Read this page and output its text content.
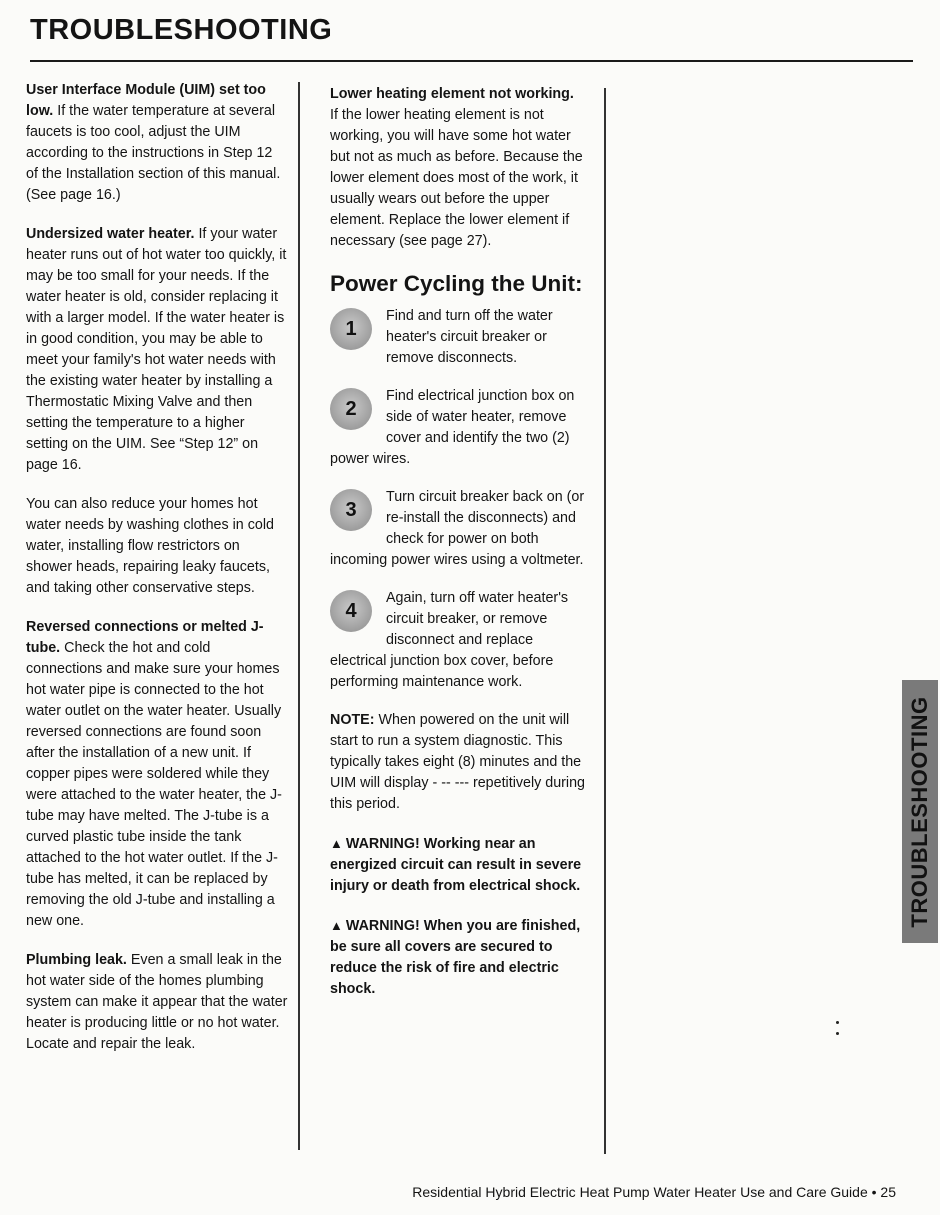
TROUBLESHOOTING

User Interface Module (UIM) set too low. If the water temperature at several faucets is too cool, adjust the UIM according to the instructions in Step 12 of the Installation section of this manual. (See page 16.)

Undersized water heater. If your water heater runs out of hot water too quickly, it may be too small for your needs. If the water heater is old, consider replacing it with a larger model. If the water heater is in good condition, you may be able to meet your family's hot water needs with the existing water heater by installing a Thermostatic Mixing Valve and then setting the temperature to a higher setting on the UIM. See “Step 12” on page 16.

You can also reduce your homes hot water needs by washing clothes in cold water, installing flow restrictors on shower heads, repairing leaky faucets, and taking other conservative steps.

Reversed connections or melted J-tube. Check the hot and cold connections and make sure your homes hot water pipe is connected to the hot water outlet on the water heater. Usually reversed connections are found soon after the installation of a new unit. If copper pipes were soldered while they were attached to the water heater, the J-tube may have melted. The J-tube is a curved plastic tube inside the tank attached to the hot water outlet. If the J-tube has melted, it can be replaced by removing the old J-tube and installing a new one.

Plumbing leak. Even a small leak in the hot water side of the homes plumbing system can make it appear that the water heater is producing little or no hot water. Locate and repair the leak.

Lower heating element not working.
If the lower heating element is not working, you will have some hot water but not as much as before. Because the lower element does most of the work, it usually wears out before the upper element. Replace the lower element if necessary (see page 27).

Power Cycling the Unit:
1
Find and turn off the water heater's circuit breaker or remove disconnects.
2
Find electrical junction box on side of water heater, remove cover and identify the two (2) power wires.
3
Turn circuit breaker back on (or re-install the disconnects) and check for power on both incoming power wires using a voltmeter.
4
Again, turn off water heater's circuit breaker, or remove disconnect and replace electrical junction box cover, before performing maintenance work.

NOTE: When powered on the unit will start to run a system diagnostic. This typically takes eight (8) minutes and the UIM will display - -- --- repetitively during this period.

▲ WARNING! Working near an energized circuit can result in severe injury or death from electrical shock.
▲ WARNING! When you are finished, be sure all covers are secured to reduce the risk of fire and electric shock.
TROUBLESHOOTING
Residential Hybrid Electric Heat Pump Water Heater Use and Care Guide • 25
